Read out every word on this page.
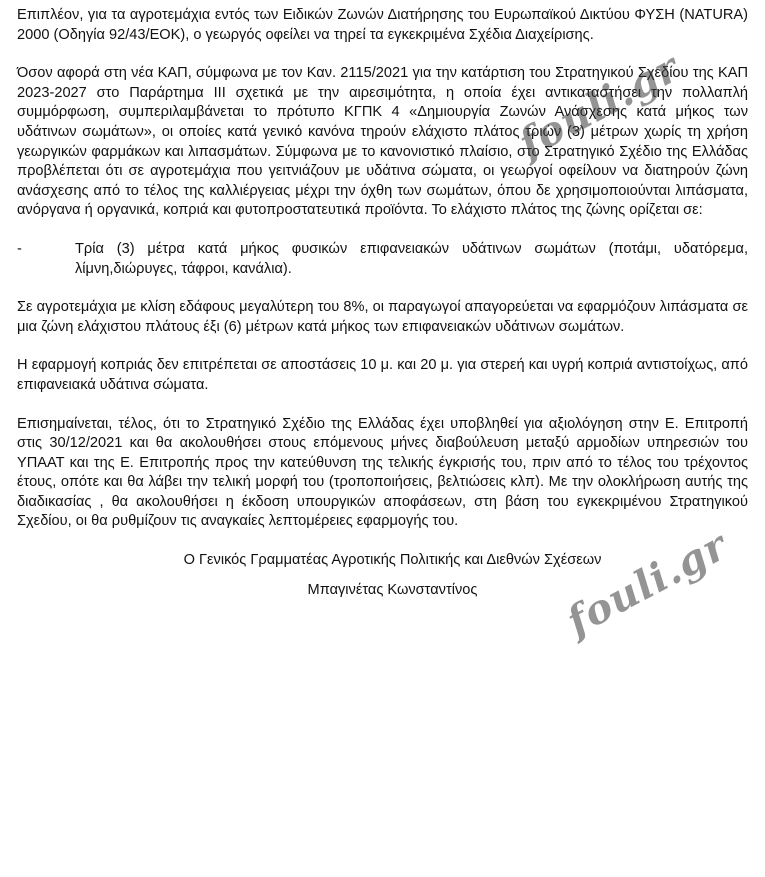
Επιπλέον, για τα αγροτεμάχια εντός των Ειδικών Ζωνών Διατήρησης του Ευρωπαϊκού Δικτύου ΦΥΣΗ (NATURA) 2000 (Οδηγία 92/43/ΕΟΚ), ο γεωργός οφείλει να τηρεί τα εγκεκριμένα Σχέδια Διαχείρισης.

Όσον αφορά στη νέα ΚΑΠ, σύμφωνα με τον Καν. 2115/2021 για την κατάρτιση του Στρατηγικού Σχεδίου της ΚΑΠ 2023-2027 στο Παράρτημα ΙΙΙ σχετικά με την αιρεσιμότητα, η οποία έχει αντικαταστήσει την πολλαπλή συμμόρφωση, συμπεριλαμβάνεται το πρότυπο ΚΓΠΚ 4 «Δημιουργία Ζωνών Ανάσχεσης κατά μήκος των υδάτινων σωμάτων», οι οποίες κατά γενικό κανόνα τηρούν ελάχιστο πλάτος τριών (3) μέτρων χωρίς τη χρήση γεωργικών φαρμάκων και λιπασμάτων. Σύμφωνα με το κανονιστικό πλαίσιο, στο Στρατηγικό Σχέδιο της Ελλάδας προβλέπεται ότι σε αγροτεμάχια που γειτνιάζουν με υδάτινα σώματα, οι γεωργοί οφείλουν να διατηρούν ζώνη ανάσχεσης από το τέλος της καλλιέργειας μέχρι την όχθη των σωμάτων, όπου δε χρησιμοποιούνται λιπάσματα, ανόργανα ή οργανικά, κοπριά και φυτοπροστατευτικά προϊόντα. Το ελάχιστο πλάτος της ζώνης ορίζεται σε:

-	Τρία (3) μέτρα κατά μήκος φυσικών επιφανειακών υδάτινων σωμάτων (ποτάμι, υδατόρεμα, λίμνη,διώρυγες, τάφροι, κανάλια).

Σε αγροτεμάχια με κλίση εδάφους μεγαλύτερη του 8%, οι παραγωγοί απαγορεύεται να εφαρμόζουν λιπάσματα σε μια ζώνη ελάχιστου πλάτους έξι (6) μέτρων κατά μήκος των επιφανειακών υδάτινων σωμάτων.

Η εφαρμογή κοπριάς δεν επιτρέπεται σε αποστάσεις 10 μ. και 20 μ. για στερεή και υγρή κοπριά αντιστοίχως, από επιφανειακά υδάτινα σώματα.

Επισημαίνεται, τέλος, ότι το Στρατηγικό Σχέδιο της Ελλάδας έχει υποβληθεί για αξιολόγηση στην Ε. Επιτροπή στις 30/12/2021 και θα ακολουθήσει στους επόμενους μήνες διαβούλευση μεταξύ αρμοδίων υπηρεσιών του ΥΠΑΑΤ και της Ε. Επιτροπής προς την κατεύθυνση της τελικής έγκρισής του, πριν από το τέλος του τρέχοντος έτους, οπότε και θα λάβει την τελική μορφή του (τροποποιήσεις, βελτιώσεις κλπ). Με την ολοκλήρωση αυτής της διαδικασίας , θα ακολουθήσει η έκδοση υπουργικών αποφάσεων, στη βάση του εγκεκριμένου Στρατηγικού Σχεδίου, οι θα ρυθμίζουν τις αναγκαίες λεπτομέρειες εφαρμογής του.

Ο Γενικός Γραμματέας Αγροτικής Πολιτικής και Διεθνών Σχέσεων

Μπαγινέτας Κωνσταντίνος

fouli.gr
fouli.gr
